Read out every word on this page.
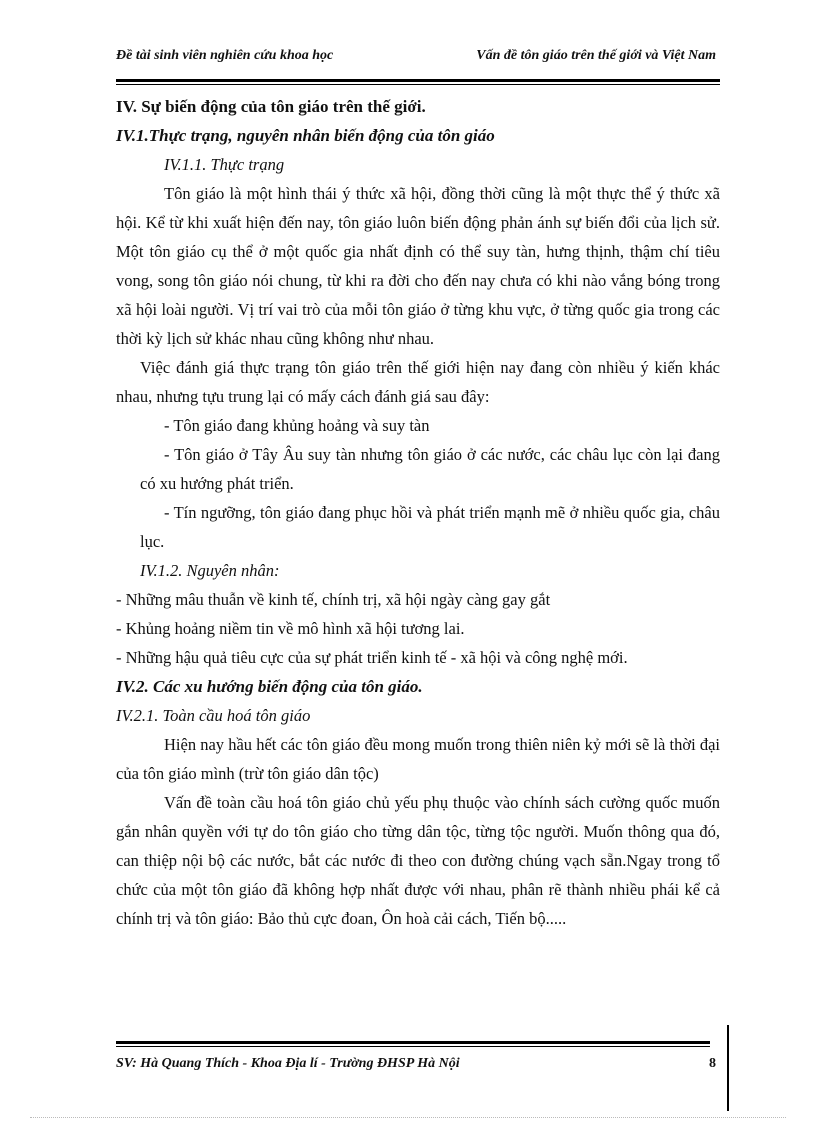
Đề tài sinh viên nghiên cứu khoa học	Vấn đề tôn giáo trên thế giới và Việt Nam

IV. Sự biến động của tôn giáo trên thế giới.

IV.1.Thực trạng, nguyên nhân biến động của tôn giáo

IV.1.1. Thực trạng

Tôn giáo là một hình thái ý thức xã hội, đồng thời cũng là một thực thể ý thức xã hội. Kể từ khi xuất hiện đến nay, tôn giáo luôn biến động phản ánh sự biến đổi của lịch sử. Một tôn giáo cụ thể ở một quốc gia nhất định có thể suy tàn, hưng thịnh, thậm chí tiêu vong, song tôn giáo nói chung, từ khi ra đời cho đến nay chưa có khi nào vắng bóng trong xã hội loài người. Vị trí vai trò của mỗi tôn giáo ở từng khu vực, ở từng quốc gia trong các thời kỳ lịch sử khác nhau cũng không như nhau.

Việc đánh giá thực trạng tôn giáo trên thế giới hiện nay đang còn nhiều ý kiến khác nhau, nhưng tựu trung lại có mấy cách đánh giá sau đây:

- Tôn giáo đang khủng hoảng và suy tàn

- Tôn giáo ở Tây Âu suy tàn nhưng tôn giáo ở các nước, các châu lục còn lại đang có xu hướng phát triển.

- Tín ngưỡng, tôn giáo đang phục hồi và phát triển mạnh mẽ ở nhiều quốc gia, châu lục.

IV.1.2. Nguyên nhân:

- Những mâu thuẫn về kinh tế, chính trị, xã hội ngày càng gay gắt

- Khủng hoảng niềm tin về mô hình xã hội tương lai.

- Những hậu quả tiêu cực của sự phát triển kinh tế - xã hội và công nghệ mới.

IV.2. Các xu hướng biến động của tôn giáo.

IV.2.1. Toàn cầu hoá tôn giáo

Hiện nay hầu hết các tôn giáo đều mong muốn trong thiên niên kỷ mới sẽ là thời đại của tôn giáo mình (trừ tôn giáo dân tộc)

Vấn đề toàn cầu hoá tôn giáo chủ yếu phụ thuộc vào chính sách cường quốc muốn gắn nhân quyền với tự do tôn giáo cho từng dân tộc, từng tộc người. Muốn thông qua đó, can thiệp nội bộ các nước, bắt các nước đi theo con đường chúng vạch sẵn.Ngay trong tổ chức của một tôn giáo đã không hợp nhất được với nhau, phân rẽ thành nhiều phái kể cả chính trị và tôn giáo: Bảo thủ cực đoan, Ôn hoà cải cách, Tiến bộ.....

SV: Hà Quang Thích - Khoa Địa lí - Trường ĐHSP Hà Nội	8
